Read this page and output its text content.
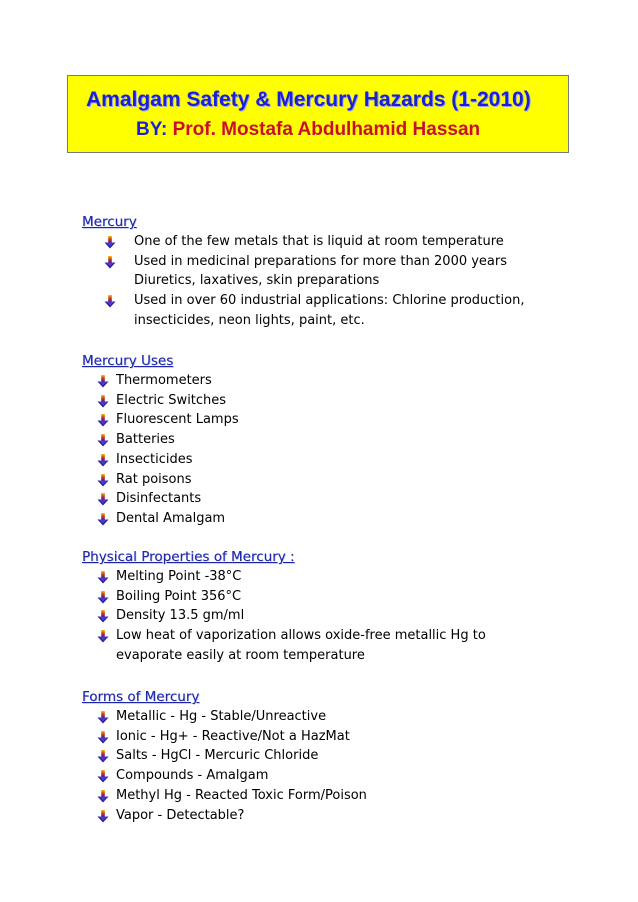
Amalgam Safety & Mercury Hazards (1-2010)
BY: Prof. Mostafa Abdulhamid Hassan
Mercury
One of the few metals that is liquid at room temperature
Used in medicinal preparations for more than 2000 years
Diuretics, laxatives, skin preparations
Used in over 60 industrial applications: Chlorine production,
insecticides, neon lights, paint, etc.
Mercury Uses
Thermometers
Electric Switches
Fluorescent Lamps
Batteries
Insecticides
Rat poisons
Disinfectants
Dental Amalgam
Physical Properties of Mercury :
Melting Point -38°C
Boiling Point 356°C
Density 13.5 gm/ml
Low heat of vaporization allows oxide-free metallic Hg to
evaporate easily at room temperature
Forms of Mercury
Metallic - Hg - Stable/Unreactive
Ionic - Hg+ - Reactive/Not a HazMat
Salts - HgCl - Mercuric Chloride
Compounds - Amalgam
Methyl Hg - Reacted Toxic Form/Poison
Vapor - Detectable?
